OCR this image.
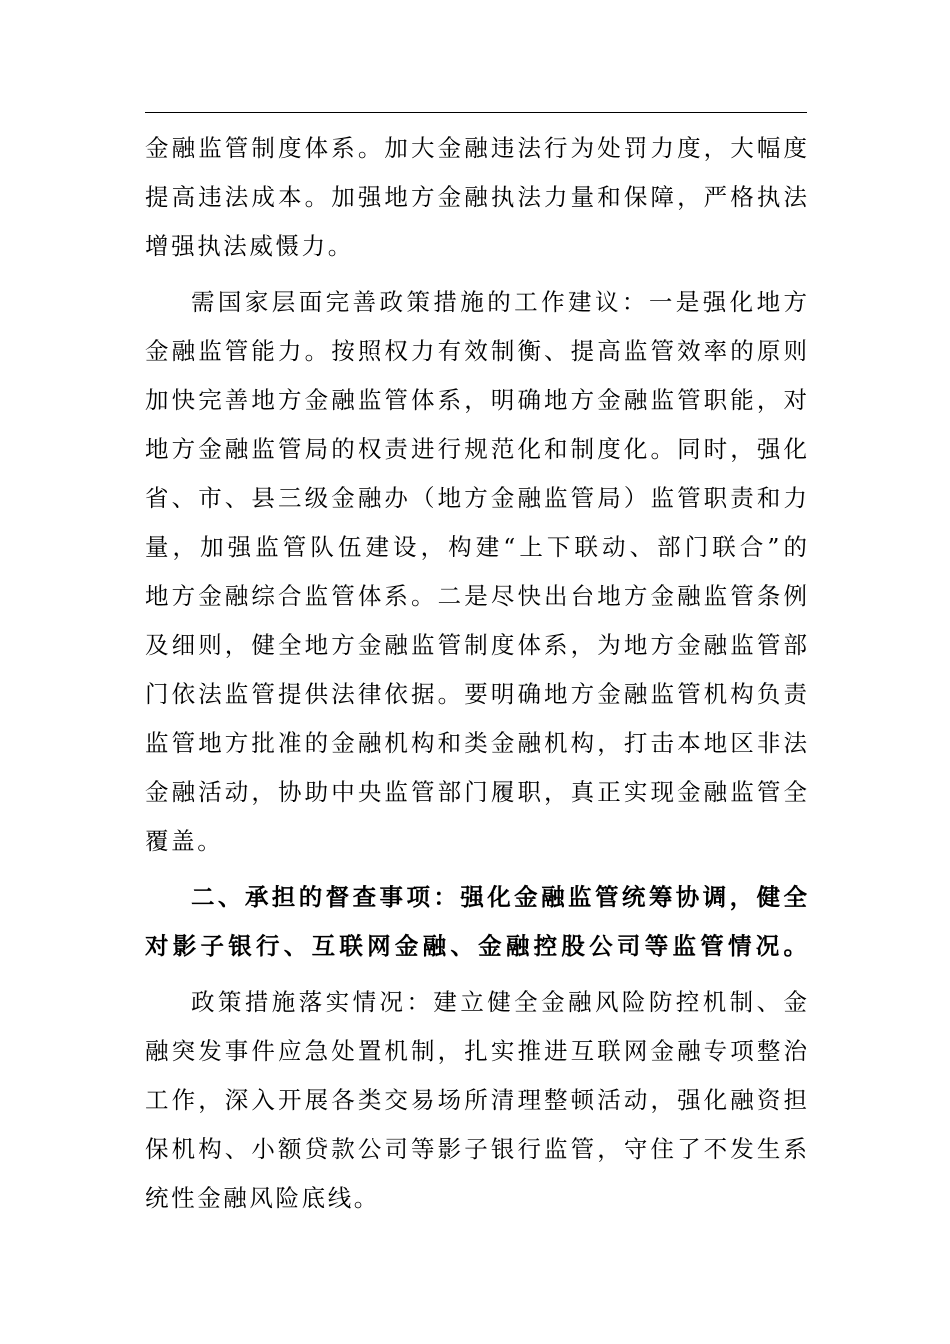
金融监管制度体系。加大金融违法行为处罚力度，大幅度
提高违法成本。加强地方金融执法力量和保障，严格执法
增强执法威慑力。
需国家层面完善政策措施的工作建议：一是强化地方
金融监管能力。按照权力有效制衡、提高监管效率的原则
加快完善地方金融监管体系，明确地方金融监管职能，对
地方金融监管局的权责进行规范化和制度化。同时，强化
省、市、县三级金融办（地方金融监管局）监管职责和力
量，加强监管队伍建设，构建“上下联动、部门联合”的
地方金融综合监管体系。二是尽快出台地方金融监管条例
及细则，健全地方金融监管制度体系，为地方金融监管部
门依法监管提供法律依据。要明确地方金融监管机构负责
监管地方批准的金融机构和类金融机构，打击本地区非法
金融活动，协助中央监管部门履职，真正实现金融监管全
覆盖。
二、承担的督查事项：强化金融监管统筹协调，健全
对影子银行、互联网金融、金融控股公司等监管情况。
政策措施落实情况：建立健全金融风险防控机制、金
融突发事件应急处置机制，扎实推进互联网金融专项整治
工作，深入开展各类交易场所清理整顿活动，强化融资担
保机构、小额贷款公司等影子银行监管，守住了不发生系
统性金融风险底线。
